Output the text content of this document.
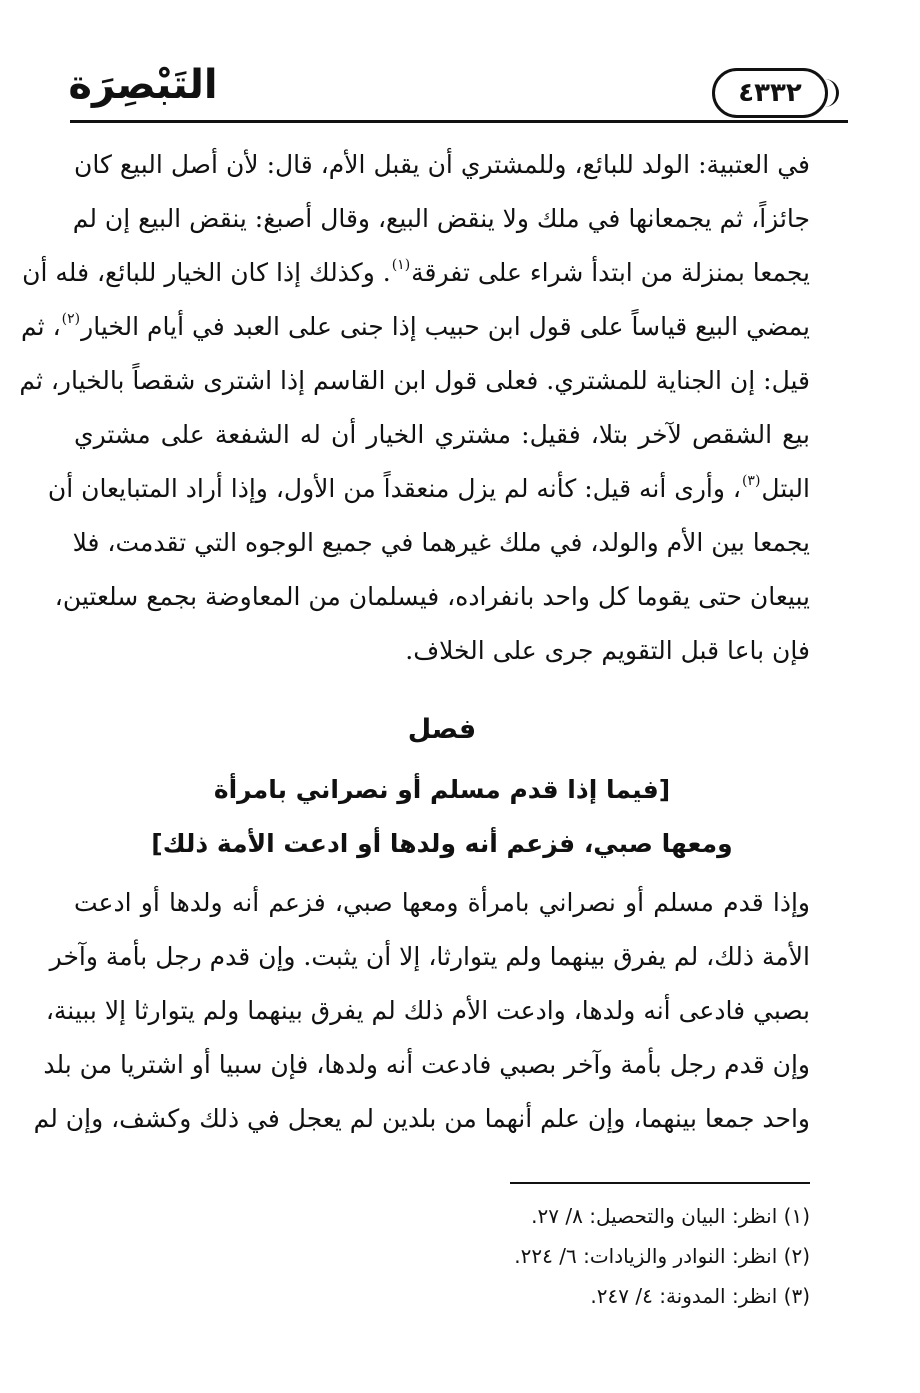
التَبْصِرَة	٤٣٣٢
في العتبية: الولد للبائع، وللمشتري أن يقبل الأم، قال: لأن أصل البيع كان
جائزاً، ثم يجمعانها في ملك ولا ينقض البيع، وقال أصبغ: ينقض البيع إن لم
يجمعا بمنزلة من ابتدأ شراء على تفرقة(١). وكذلك إذا كان الخيار للبائع، فله أن
يمضي البيع قياساً على قول ابن حبيب إذا جنى على العبد في أيام الخيار(٢)، ثم
قيل: إن الجناية للمشتري. فعلى قول ابن القاسم إذا اشترى شقصاً بالخيار، ثم
بيع الشقص لآخر بتلا، فقيل: مشتري الخيار أن له الشفعة على مشتري
البتل(٣)، وأرى أنه قيل: كأنه لم يزل منعقداً من الأول، وإذا أراد المتبايعان أن
يجمعا بين الأم والولد، في ملك غيرهما في جميع الوجوه التي تقدمت، فلا
يبيعان حتى يقوما كل واحد بانفراده، فيسلمان من المعاوضة بجمع سلعتين،
فإن باعا قبل التقويم جرى على الخلاف.
فصل
[فيما إذا قدم مسلم أو نصراني بامرأة
ومعها صبي، فزعم أنه ولدها أو ادعت الأمة ذلك]
وإذا قدم مسلم أو نصراني بامرأة ومعها صبي، فزعم أنه ولدها أو ادعت
الأمة ذلك، لم يفرق بينهما ولم يتوارثا، إلا أن يثبت. وإن قدم رجل بأمة وآخر
بصبي فادعى أنه ولدها، وادعت الأم ذلك لم يفرق بينهما ولم يتوارثا إلا ببينة،
وإن قدم رجل بأمة وآخر بصبي فادعت أنه ولدها، فإن سبيا أو اشتريا من بلد
واحد جمعا بينهما، وإن علم أنهما من بلدين لم يعجل في ذلك وكشف، وإن لم
(١) انظر: البيان والتحصيل: ٨/ ٢٧.
(٢) انظر: النوادر والزيادات: ٦/ ٢٢٤.
(٣) انظر: المدونة: ٤/ ٢٤٧.
